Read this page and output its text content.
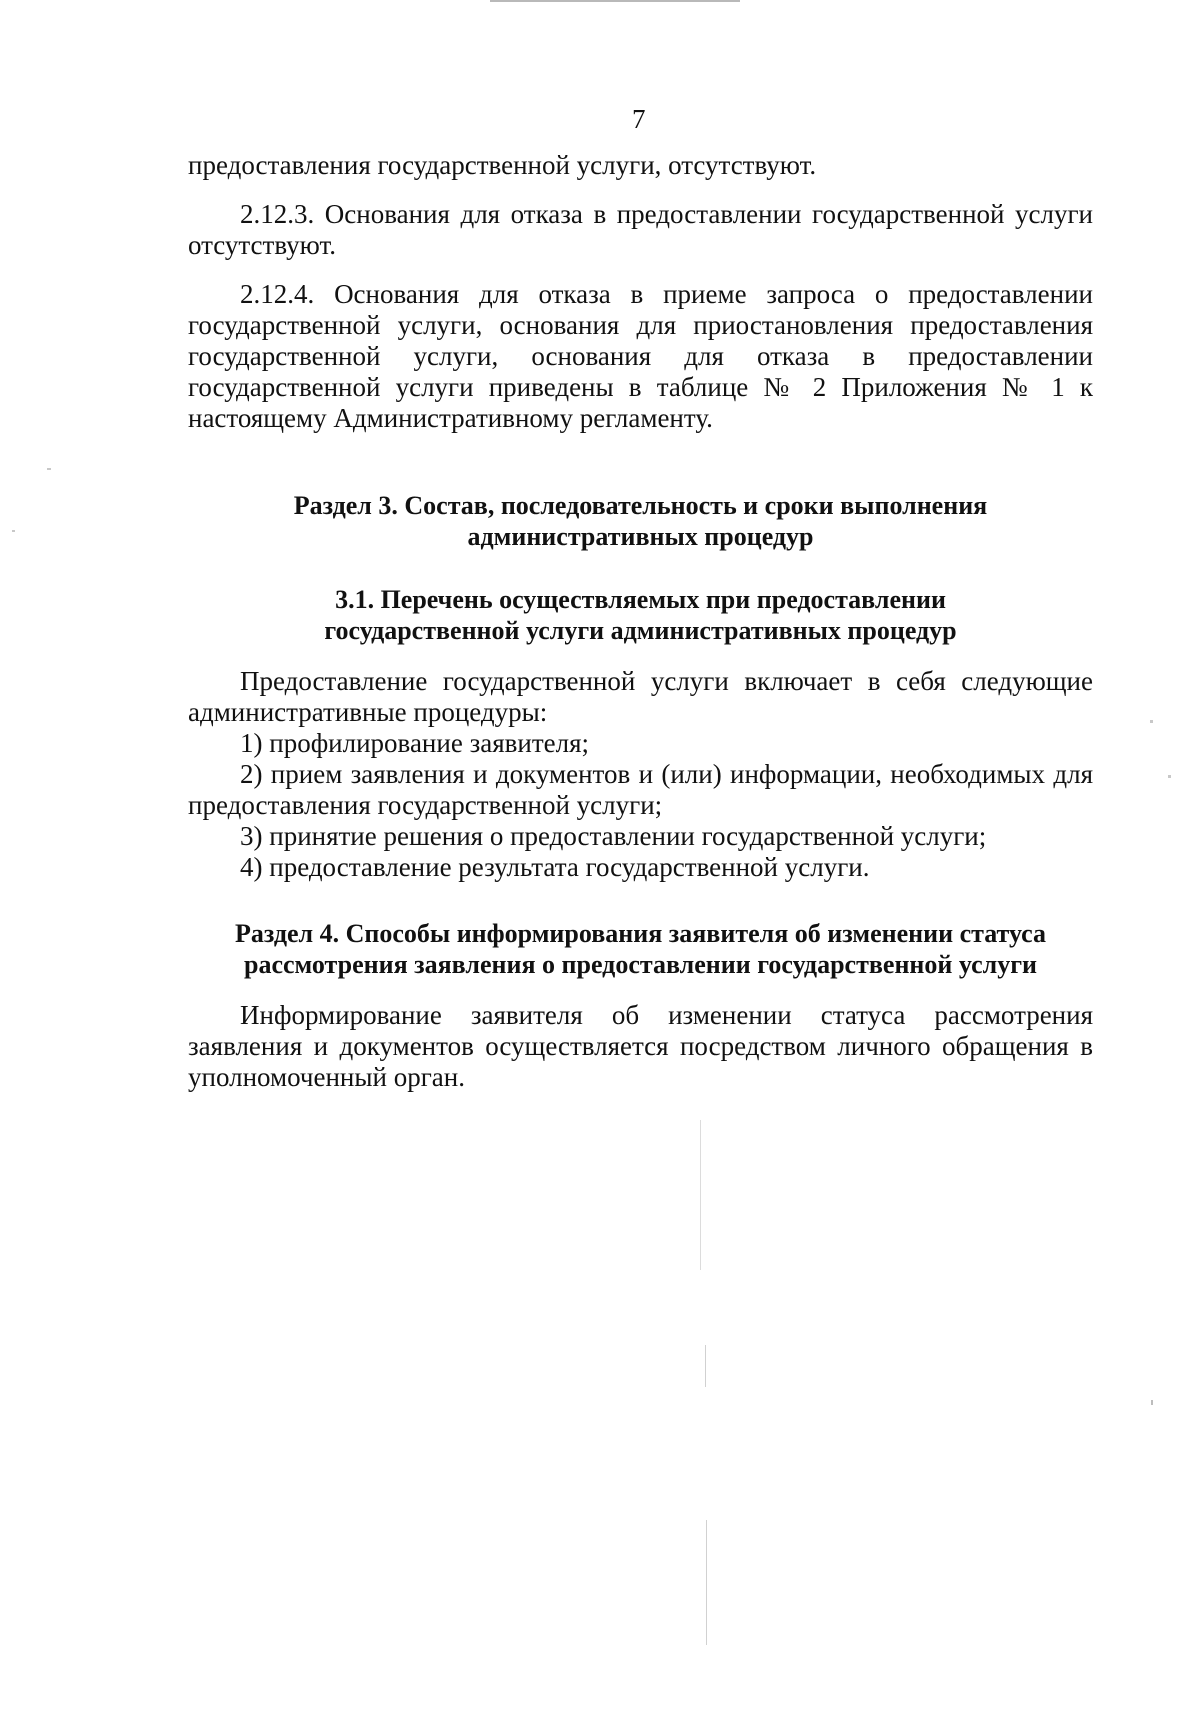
7

предоставления государственной услуги, отсутствуют.

2.12.3. Основания для отказа в предоставлении государственной услуги отсутствуют.

2.12.4. Основания для отказа в приеме запроса о предоставлении государственной услуги, основания для приостановления предоставления государственной услуги, основания для отказа в предоставлении государственной услуги приведены в таблице № 2 Приложения № 1 к настоящему Административному регламенту.

Раздел 3. Состав, последовательность и сроки выполнения
административных процедур
3.1. Перечень осуществляемых при предоставлении
государственной услуги административных процедур

Предоставление государственной услуги включает в себя следующие административные процедуры:

1) профилирование заявителя;

2) прием заявления и документов и (или) информации, необходимых для предоставления государственной услуги;

3) принятие решения о предоставлении государственной услуги;

4) предоставление результата государственной услуги.

Раздел 4. Способы информирования заявителя об изменении статуса
рассмотрения заявления о предоставлении государственной услуги

Информирование заявителя об изменении статуса рассмотрения заявления и документов осуществляется посредством личного обращения в уполномоченный орган.
